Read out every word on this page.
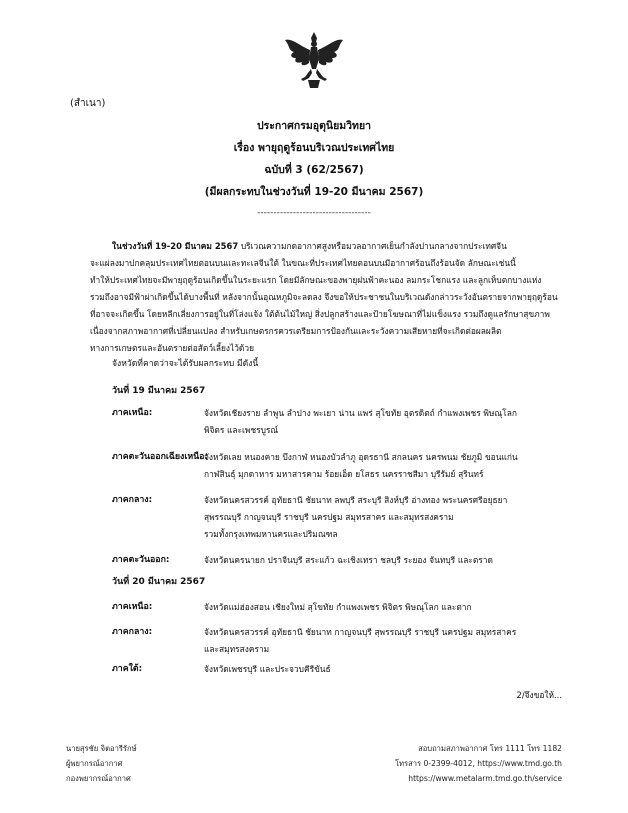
(สำเนา)
ประกาศกรมอุตุนิยมวิทยา
เรื่อง พายุฤดูร้อนบริเวณประเทศไทย
ฉบับที่ 3 (62/2567)
(มีผลกระทบในช่วงวันที่ 19-20 มีนาคม 2567)
-----------------------------------

ในช่วงวันที่ 19-20 มีนาคม 2567 บริเวณความกดอากาศสูงหรือมวลอากาศเย็นกำลังปานกลางจากประเทศจีน

จะแผ่ลงมาปกคลุมประเทศไทยตอนบนและทะเลจีนใต้ ในขณะที่ประเทศไทยตอนบนมีอากาศร้อนถึงร้อนจัด ลักษณะเช่นนี้

ทำให้ประเทศไทยจะมีพายุฤดูร้อนเกิดขึ้นในระยะแรก โดยมีลักษณะของพายุฝนฟ้าคะนอง ลมกระโชกแรง และลูกเห็บตกบางแห่ง

รวมถึงอาจมีฟ้าผ่าเกิดขึ้นได้บางพื้นที่ หลังจากนั้นอุณหภูมิจะลดลง จึงขอให้ประชาชนในบริเวณดังกล่าวระวังอันตรายจากพายุฤดูร้อน

ที่อาจจะเกิดขึ้น โดยหลีกเลี่ยงการอยู่ในที่โล่งแจ้ง ใต้ต้นไม้ใหญ่ สิ่งปลูกสร้างและป้ายโฆษณาที่ไม่แข็งแรง รวมถึงดูแลรักษาสุขภาพ

เนื่องจากสภาพอากาศที่เปลี่ยนแปลง สำหรับเกษตรกรควรเตรียมการป้องกันและระวังความเสียหายที่จะเกิดต่อผลผลิต

ทางการเกษตรและอันตรายต่อสัตว์เลี้ยงไว้ด้วย

จังหวัดที่คาดว่าจะได้รับผลกระทบ มีดังนี้
วันที่ 19 มีนาคม 2567
ภาคเหนือ:	จังหวัดเชียงราย ลำพูน ลำปาง พะเยา น่าน แพร่ สุโขทัย อุตรดิตถ์ กำแพงเพชร พิษณุโลก
พิจิตร และเพชรบูรณ์
ภาคตะวันออกเฉียงเหนือ:
จังหวัดเลย หนองคาย บึงกาฬ หนองบัวลำภู อุดรธานี สกลนคร นครพนม ชัยภูมิ ขอนแก่น
กาฬสินธุ์ มุกดาหาร มหาสารคาม ร้อยเอ็ด ยโสธร นครราชสีมา บุรีรัมย์ สุรินทร์
ภาคกลาง:	จังหวัดนครสวรรค์ อุทัยธานี ชัยนาท ลพบุรี สระบุรี สิงห์บุรี อ่างทอง พระนครศรีอยุธยา
สุพรรณบุรี กาญจนบุรี ราชบุรี นครปฐม สมุทรสาคร และสมุทรสงคราม
รวมทั้งกรุงเทพมหานครและปริมณฑล
ภาคตะวันออก:	จังหวัดนครนายก ปราจีนบุรี สระแก้ว ฉะเชิงเทรา ชลบุรี ระยอง จันทบุรี และตราด
วันที่ 20 มีนาคม 2567
ภาคเหนือ:	จังหวัดแม่ฮ่องสอน เชียงใหม่ สุโขทัย กำแพงเพชร พิจิตร พิษณุโลก และตาก
ภาคกลาง:	จังหวัดนครสวรรค์ อุทัยธานี ชัยนาท กาญจนบุรี สุพรรณบุรี ราชบุรี นครปฐม สมุทรสาคร
และสมุทรสงคราม
ภาคใต้:	จังหวัดเพชรบุรี และประจวบคีรีขันธ์
2/จึงขอให้...
นายสุรชัย จิตอารีรักษ์
ผู้พยากรณ์อากาศ
กองพยากรณ์อากาศ
สอบถามสภาพอากาศ โทร 1111 โทร 1182
โทรสาร 0-2399-4012, https://www.tmd.go.th
https://www.metalarm.tmd.go.th/service
